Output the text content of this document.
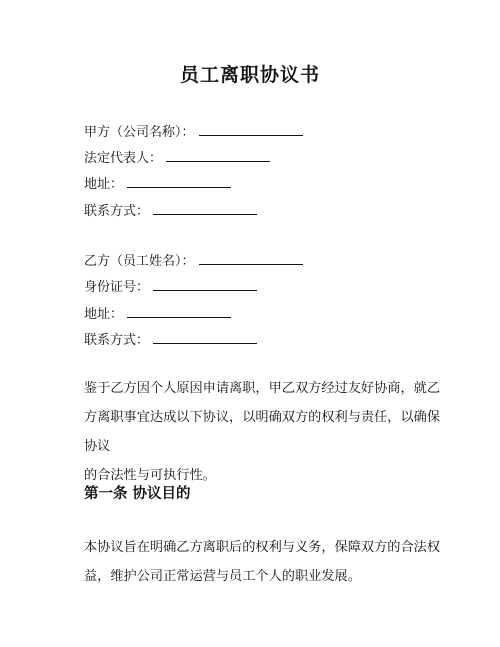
员工离职协议书
甲方（公司名称）：
法定代表人：
地址：
联系方式：
乙方（员工姓名）：
身份证号：
地址：
联系方式：
鉴于乙方因个人原因申请离职，甲乙双方经过友好协商，就乙
方离职事宜达成以下协议，以明确双方的权利与责任，以确保协议
的合法性与可执行性。
第一条 协议目的
本协议旨在明确乙方离职后的权利与义务，保障双方的合法权
益，维护公司正常运营与员工个人的职业发展。
